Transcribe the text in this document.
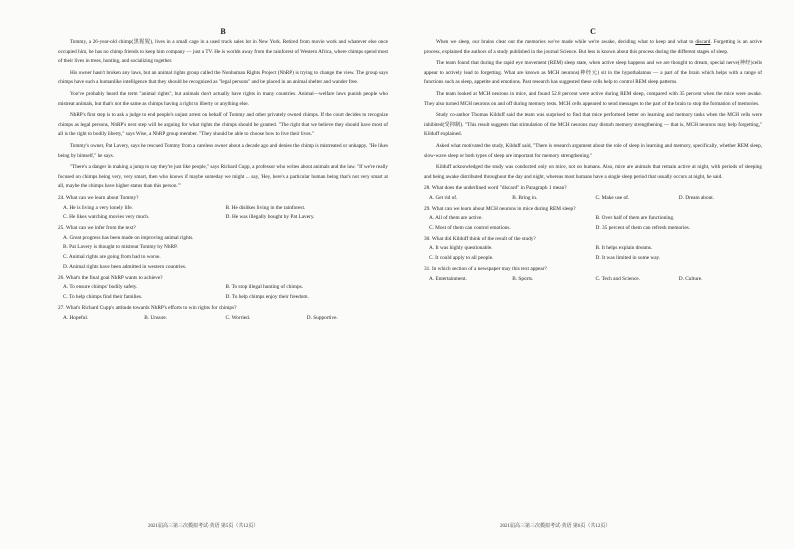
B

Tommy, a 26-year-old chimp(黑猩猩), lives in a small cage in a used truck sales lot in New York. Retired from movie work and whatever else once occupied him, he has no chimp friends to keep him company — just a TV. He is worlds away from the rainforest of Western Africa, where chimps spend most of their lives in trees, hunting, and socializing together.

His owner hasn't broken any laws, but an animal rights group called the Nonhuman Rights Project (NhRP) is trying to change the view. The group says chimps have such a humanlike intelligence that they should be recognized as "legal persons" and be placed in an animal shelter and wander free.

You've probably heard the term "animal rights", but animals don't actually have rights in many countries. Animal—welfare laws punish people who mistreat animals, but that's not the same as chimps having a right to liberty or anything else.

NhRP's first step is to ask a judge to end people's unjust arrest on behalf of Tommy and other privately owned chimps. If the court decides to recognize chimps as legal persons, NhRP's next step will be arguing for what rights the chimps should be granted. "The right that we believe they should have most of all is the right to bodily liberty," says Wise, a NhRP group member. "They should be able to choose how to live their lives."

Tommy's owner, Pat Lavery, says he rescued Tommy from a careless owner about a decade ago and denies the chimp is mistreated or unhappy. "He likes being by himself," he says.

"There's a danger in making a jump to say they're just like people," says Richard Cupp, a professor who writes about animals and the law. "If we're really focused on chimps being very, very smart, then who knows if maybe someday we might ... say, 'Hey, here's a particular human being that's not very smart at all, maybe the chimps have higher status than this person.'"

24. What can we learn about Tommy?
A. He is living a very lonely life.	B. He dislikes living in the rainforest.
C. He likes watching movies very much.	D. He was illegally bought by Pat Lavery.
25. What can we infer from the text?
A. Great progress has been made on improving animal rights.
B. Pat Lavery is thought to mistreat Tommy by NhRP.
C. Animal rights are going from bad to worse.
D. Animal rights have been admitted in western countries.
26. What's the final goal NhRP wants to achieve?
A. To ensure chimps' bodily safety.	B. To stop illegal hunting of chimps.
C. To help chimps find their families.	D. To help chimps enjoy their freedom.
27. What's Richard Cupp's attitude towards NhRP's efforts to win rights for chimps?
A. Hopeful.	B. Unsure.	C. Worried.	D. Supportive.
C

When we sleep, our brains clear out the memories we've made while we're awake, deciding what to keep and what to discard. Forgetting is an active process, explained the authors of a study published in the journal Science. But less is known about this process during the different stages of sleep.

The team found that during the rapid eye movement (REM) sleep state, when active sleep happens and we are thought to dream, special nerve(神经)cells appear to actively lead to forgetting. What are known as MCH neurons(神经元) sit in the hypothalamus — a part of the brain which helps with a range of functions such as sleep, appetite and emotions. Past research has suggested these cells help to control REM sleep patterns.

The team looked at MCH neurons in mice, and found 52.8 percent were active during REM sleep, compared with 35 percent when the mice were awake. They also turned MCH neurons on and off during memory tests. MCH cells appeared to send messages to the part of the brain to stop the formation of memories.

Study co-author Thomas Kilduff said the team was surprised to find that mice performed better on learning and memory tasks when the MCH cells were inhibited(受抑制). "This result suggests that stimulation of the MCH neurons may disturb memory strengthening — that is, MCH neurons may help forgetting," Kilduff explained.

Asked what motivated the study, Kilduff said, "There is research argument about the role of sleep in learning and memory, specifically, whether REM sleep, slow-wave sleep or both types of sleep are important for memory strengthening."

Kilduff acknowledged the study was conducted only on mice, not on humans. Also, mice are animals that remain active at night, with periods of sleeping and being awake distributed throughout the day and night, whereas most humans have a single sleep period that usually occurs at night, he said.

28. What does the underlined word "discard" in Paragraph 1 mean?
A. Get rid of.	B. Bring in.	C. Make use of.	D. Dream about.
29. What can we learn about MCH neurons in mice during REM sleep?
A. All of them are active.	B. Over half of them are functioning.
C. Most of them can control emotions.	D. 35 percent of them can refresh memories.
30. What did Kilduff think of the result of the study?
A. It was highly questionable.	B. It helps explain dreams.
C. It could apply to all people.	D. It was limited in some way.
31. In which section of a newspaper may this text appear?
A. Entertainment.	B. Sports.	C. Tech and Science.	D. Culture.
2021届高三第三次模拟考试·英语 第5页（共12页）	2021届高三第三次模拟考试·英语 第6页（共12页）
